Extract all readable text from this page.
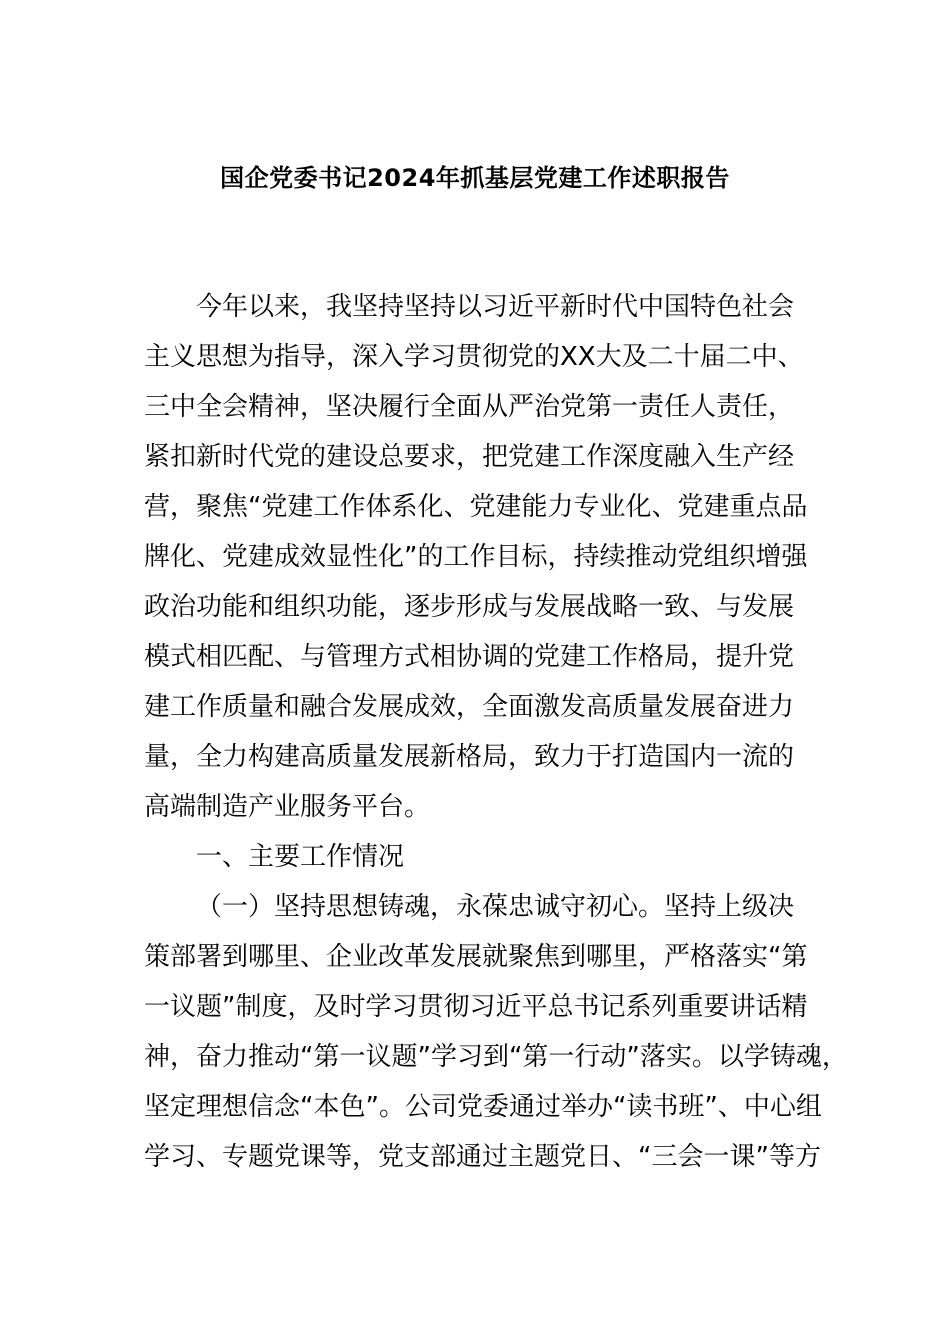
国企党委书记2024年抓基层党建工作述职报告
今年以来，我坚持坚持以习近平新时代中国特色社会
主义思想为指导，深入学习贯彻党的XX大及二十届二中、
三中全会精神，坚决履行全面从严治党第一责任人责任，
紧扣新时代党的建设总要求，把党建工作深度融入生产经
营，聚焦“党建工作体系化、党建能力专业化、党建重点品
牌化、党建成效显性化”的工作目标，持续推动党组织增强
政治功能和组织功能，逐步形成与发展战略一致、与发展
模式相匹配、与管理方式相协调的党建工作格局，提升党
建工作质量和融合发展成效，全面激发高质量发展奋进力
量，全力构建高质量发展新格局，致力于打造国内一流的
高端制造产业服务平台。
一、主要工作情况
（一）坚持思想铸魂，永葆忠诚守初心。坚持上级决
策部署到哪里、企业改革发展就聚焦到哪里，严格落实“第
一议题”制度，及时学习贯彻习近平总书记系列重要讲话精
神，奋力推动“第一议题”学习到“第一行动”落实。以学铸魂，
坚定理想信念“本色”。公司党委通过举办“读书班”、中心组
学习、专题党课等，党支部通过主题党日、“三会一课”等方
